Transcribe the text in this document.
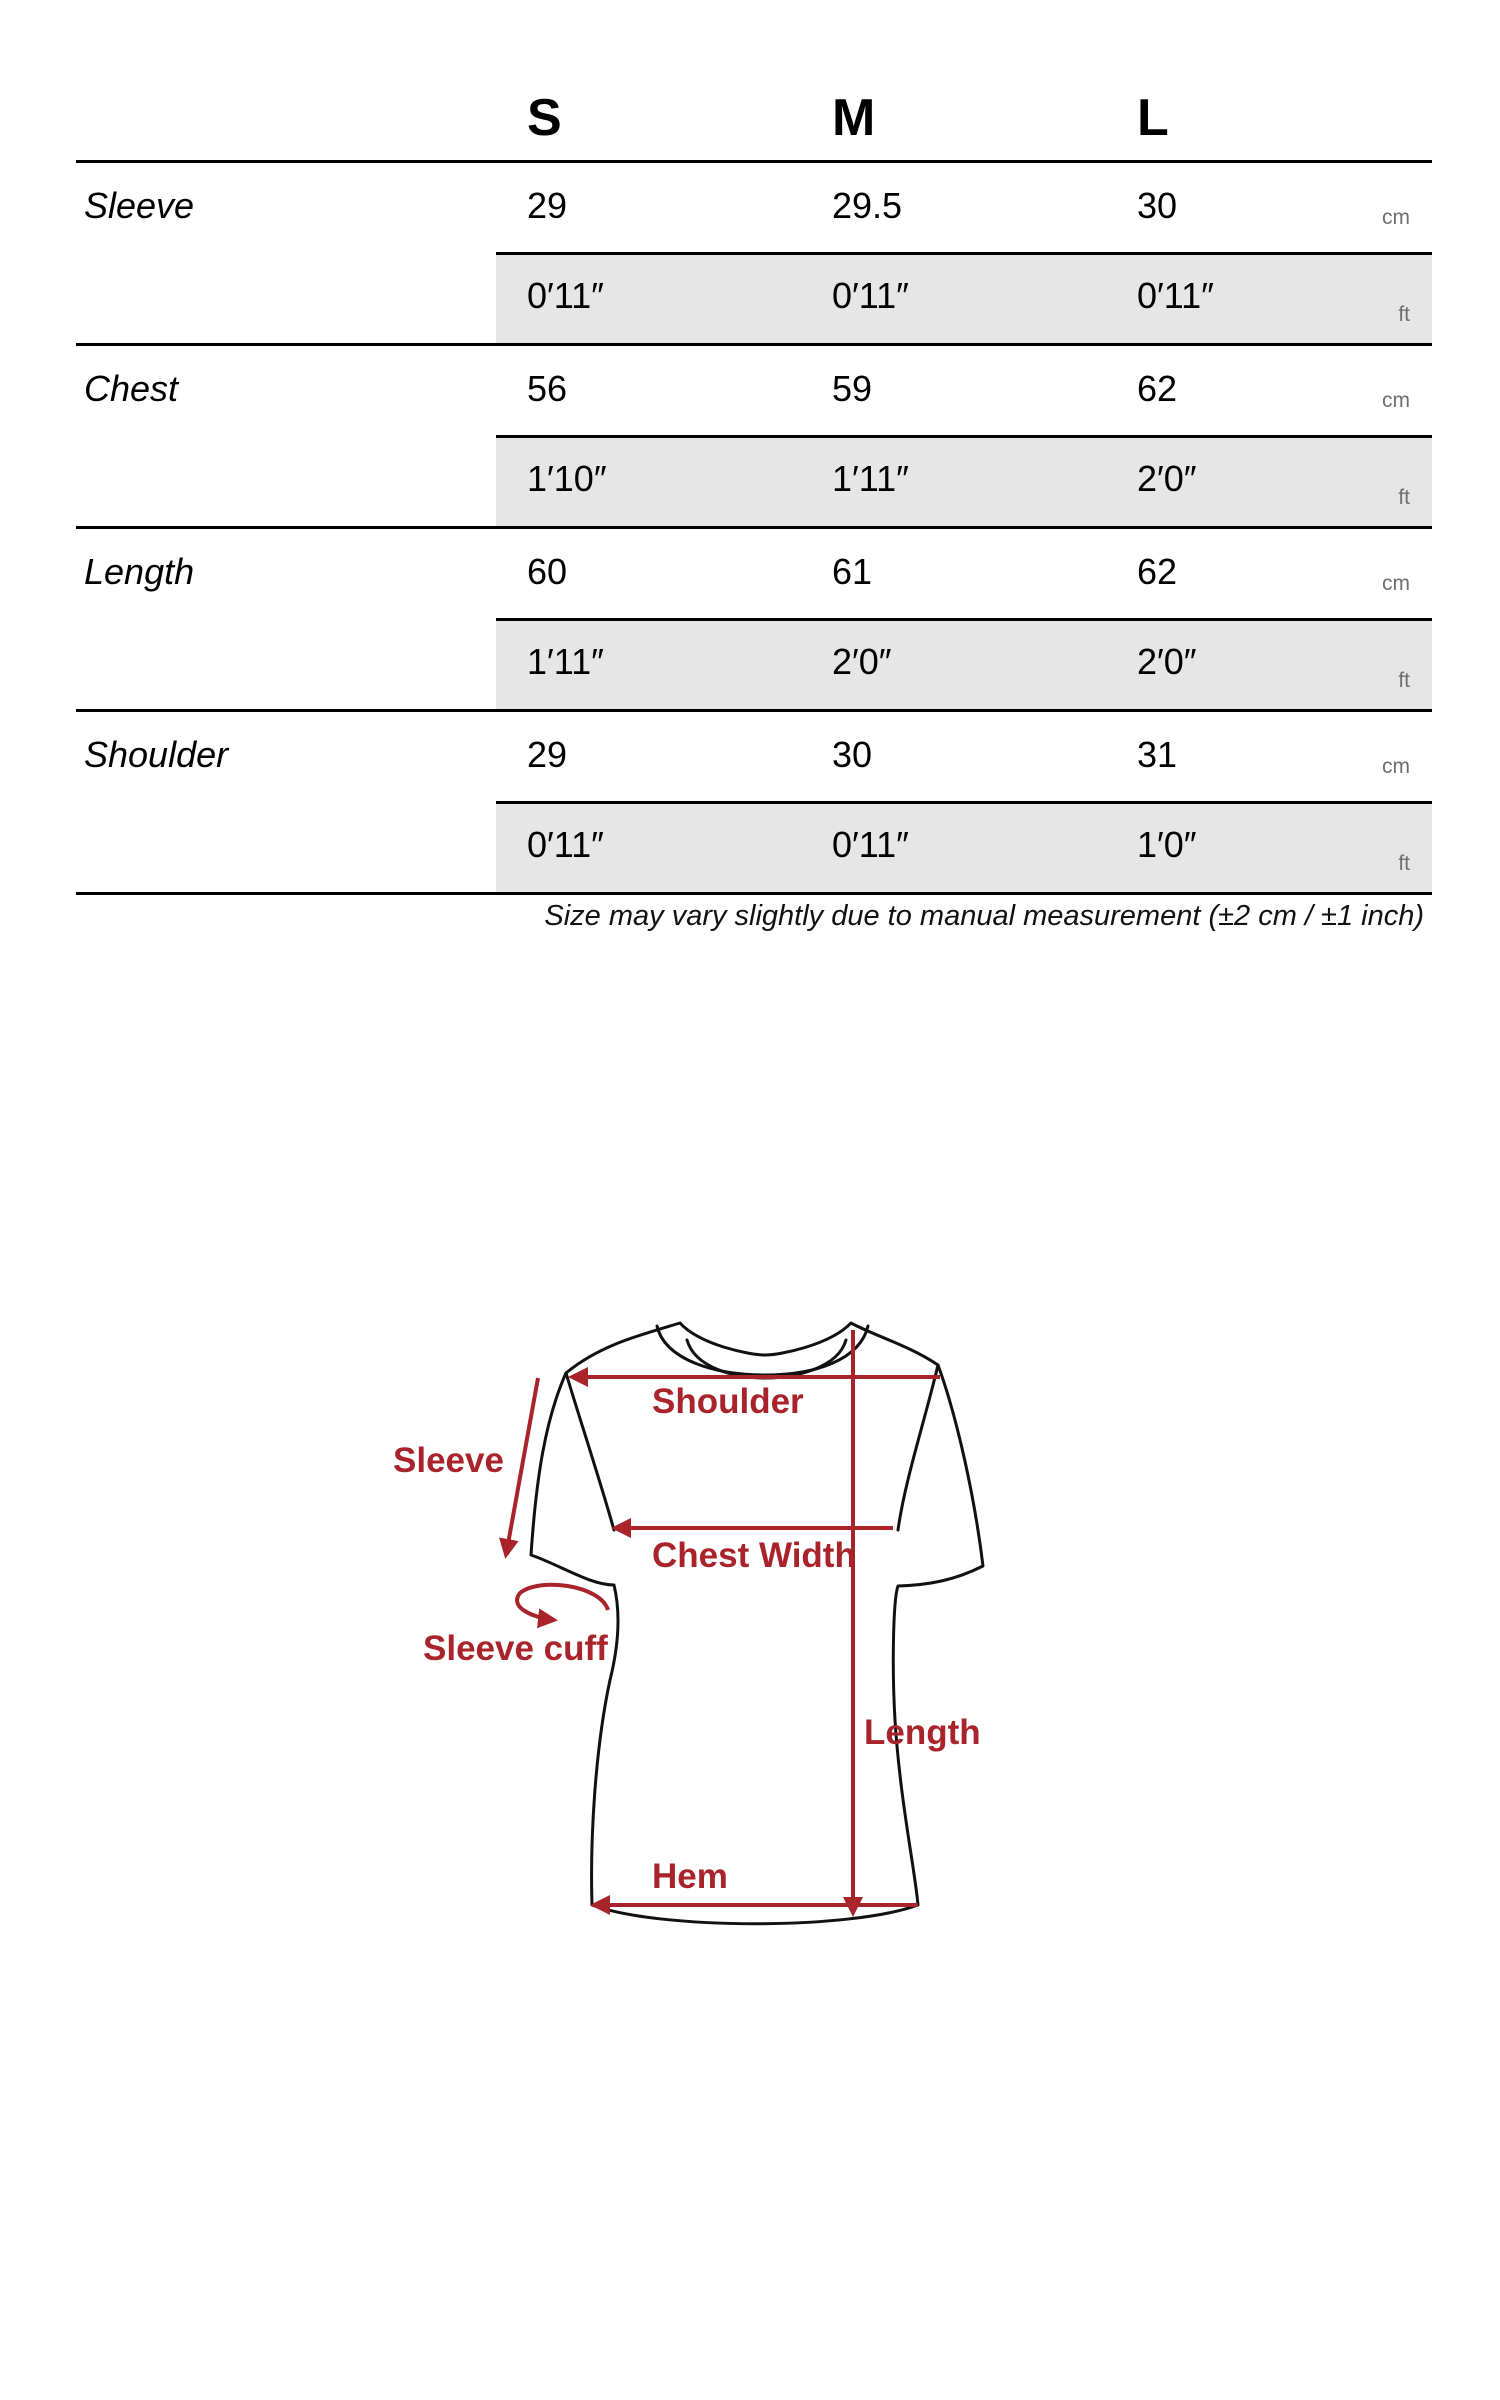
S	M	L
Sleeve	29	29.5	30	cm
0′11″	0′11″	0′11″	ft
Chest	56	59	62	cm
1′10″	1′11″	2′0″	ft
Length	60	61	62	cm
1′11″	2′0″	2′0″	ft
Shoulder	29	30	31	cm
0′11″	0′11″	1′0″	ft
Size may vary slightly due to manual measurement (±2 cm / ±1 inch)
Shoulder
Sleeve
Chest Width
Sleeve cuff
Length
Hem
